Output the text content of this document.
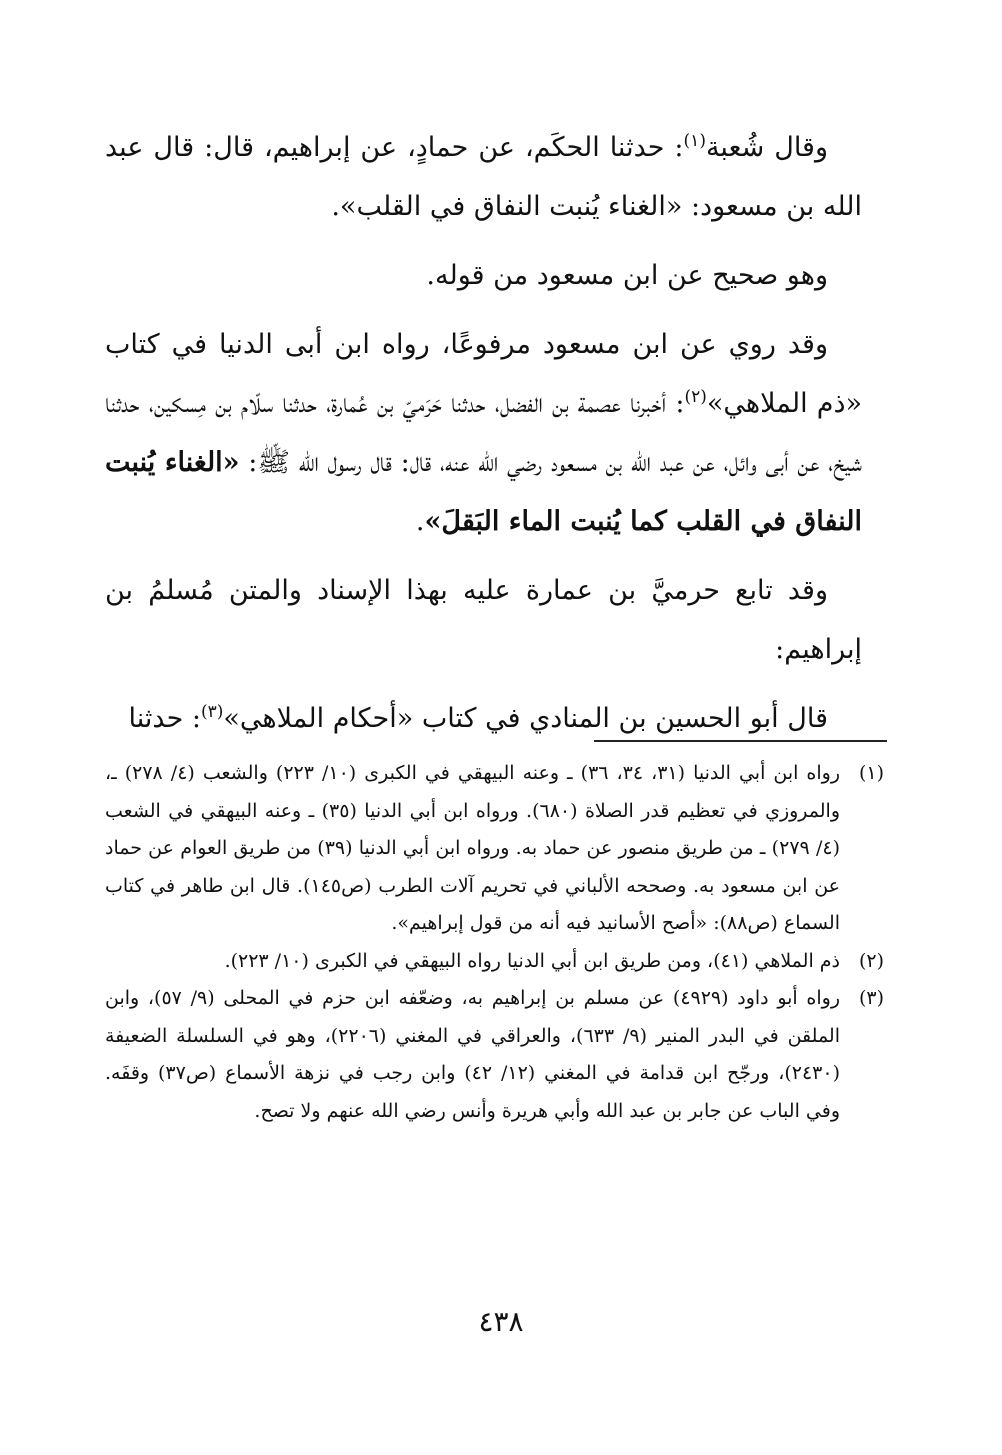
وقال شُعبة$^{(١)}$: حدثنا الحكَم، عن حمادٍ، عن إبراهيم، قال: قال عبد الله بن مسعود: «الغناء يُنبت النفاق في القلب».

وهو صحيح عن ابن مسعود من قوله.

وقد روي عن ابن مسعود مرفوعًا، رواه ابن أبى الدنيا في كتاب «ذم الملاهي»$^{(٢)}$: أخبرنا عصمة بن الفضل، حدثنا حَرَميّ بن عُمارة، حدثنا سلّام بن مِسكين، حدثنا شيخ، عن أبى وائل، عن عبد الله بن مسعود رضي الله عنه، قال: قال رسول الله ﷺ: «الغناء يُنبت النفاق في القلب كما يُنبت الماء البَقلَ».

وقد تابع حرميَّ بن عمارة عليه بهذا الإسناد والمتن مُسلمُ بن إبراهيم:

قال أبو الحسين بن المنادي في كتاب «أحكام الملاهي»$^{(٣)}$: حدثنا

(١)
رواه ابن أبي الدنيا (٣١، ٣٤، ٣٦) ـ وعنه البيهقي في الكبرى (١٠/ ٢٢٣) والشعب (٤/ ٢٧٨) ـ، والمروزي في تعظيم قدر الصلاة (٦٨٠). ورواه ابن أبي الدنيا (٣٥) ـ وعنه البيهقي في الشعب (٤/ ٢٧٩) ـ من طريق منصور عن حماد به. ورواه ابن أبي الدنيا (٣٩) من طريق العوام عن حماد عن ابن مسعود به. وصححه الألباني في تحريم آلات الطرب (ص١٤٥). قال ابن طاهر في كتاب السماع (ص٨٨): «أصح الأسانيد فيه أنه من قول إبراهيم».
(٢)
ذم الملاهي (٤١)، ومن طريق ابن أبي الدنيا رواه البيهقي في الكبرى (١٠/ ٢٢٣).
(٣)
رواه أبو داود (٤٩٢٩) عن مسلم بن إبراهيم به، وضعّفه ابن حزم في المحلى (٩/ ٥٧)، وابن الملقن في البدر المنير (٩/ ٦٣٣)، والعراقي في المغني (٢٢٠٦)، وهو في السلسلة الضعيفة (٢٤٣٠)، ورجّح ابن قدامة في المغني (١٢/ ٤٢) وابن رجب في نزهة الأسماع (ص٣٧) وقفَه. وفي الباب عن جابر بن عبد الله وأبي هريرة وأنس رضي الله عنهم ولا تصح.
٤٣٨
